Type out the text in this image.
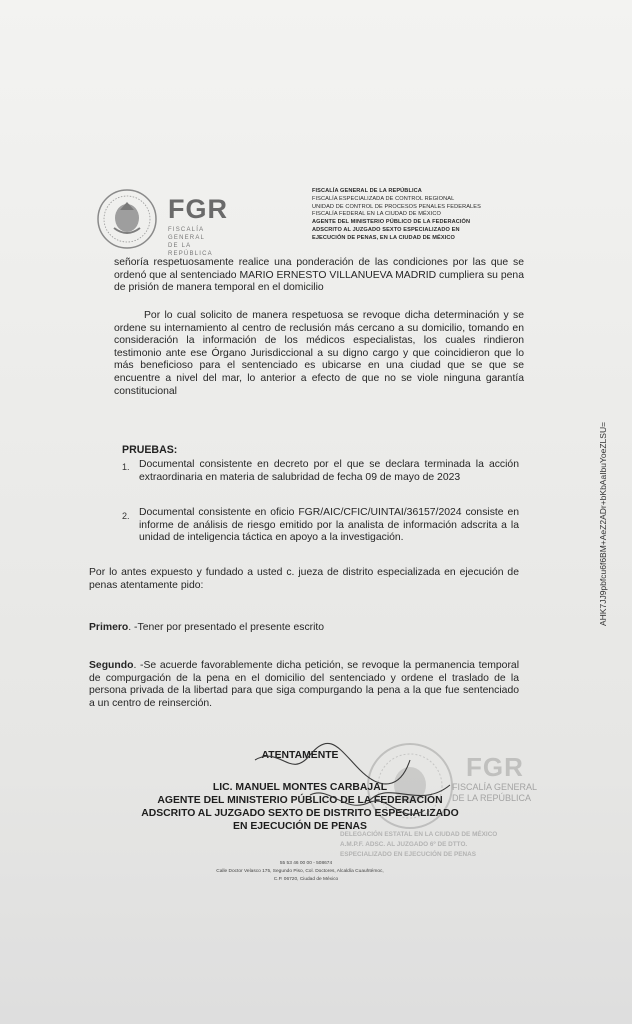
FGR
FISCALÍA GENERAL
DE LA REPÚBLICA
FISCALÍA GENERAL DE LA REPÚBLICA
FISCALÍA ESPECIALIZADA DE CONTROL REGIONAL
UNIDAD DE CONTROL DE PROCESOS PENALES FEDERALES
FISCALÍA FEDERAL EN LA CIUDAD DE MÉXICO
AGENTE DEL MINISTERIO PÚBLICO DE LA FEDERACIÓN
ADSCRITO AL JUZGADO SEXTO ESPECIALIZADO EN
EJECUCIÓN DE PENAS, EN LA CIUDAD DE MÉXICO
señoría respetuosamente realice una ponderación de las condiciones por las que se ordenó que al sentenciado MARIO ERNESTO VILLANUEVA MADRID cumpliera su pena de prisión de manera temporal en el domicilio
Por lo cual solicito de manera respetuosa se revoque dicha determinación y se ordene su internamiento al centro de reclusión más cercano a su domicilio, tomando en consideración la información de los médicos especialistas, los cuales rindieron testimonio ante ese Órgano Jurisdiccional a su digno cargo y que coincidieron que lo más beneficioso para el sentenciado es ubicarse en una ciudad que se que se encuentre a nivel del mar, lo anterior a efecto de que no se viole ninguna garantía constitucional
PRUEBAS:
1. Documental consistente en decreto por el que se declara terminada la acción extraordinaria en materia de salubridad de fecha 09 de mayo de 2023
2. Documental consistente en oficio FGR/AIC/CFIC/UINTAI/36157/2024 consiste en informe de análisis de riesgo emitido por la analista de información adscrita a la unidad de inteligencia táctica en apoyo a la investigación.
Por lo antes expuesto y fundado a usted c. jueza de distrito especializada en ejecución de penas atentamente pido:
Primero. -Tener por presentado el presente escrito
Segundo. -Se acuerde favorablemente dicha petición, se revoque la permanencia temporal de compurgación de la pena en el domicilio del sentenciado y ordene el traslado de la persona privada de la libertad para que siga compurgando la pena a la que fue sentenciado a un centro de reinserción.
FGR
FISCALÍA GENERAL
DE LA REPÚBLICA
ATENTAMENTE
LIC. MANUEL MONTES CARBAJAL
AGENTE DEL MINISTERIO PÚBLICO DE LA FEDERACIÓN
ADSCRITO AL JUZGADO SEXTO DE DISTRITO ESPECIALIZADO
EN EJECUCIÓN DE PENAS
DELEGACIÓN ESTATAL EN LA CIUDAD DE MÉXICO
A.M.P.F. ADSC. AL JUZGADO 6º DE DTTO.
ESPECIALIZADO EN EJECUCIÓN DE PENAS
55 53 46 00 00 - 508674
Calle Doctor Velasco 175, Segundo Piso, Col. Doctores, Alcaldía Cuauhtémoc,
C.P. 06720, Ciudad de México
AHK7JJ9pbfcu6f6BM+AeZ2ADr+bKbAaIbuYoeZLSU=
